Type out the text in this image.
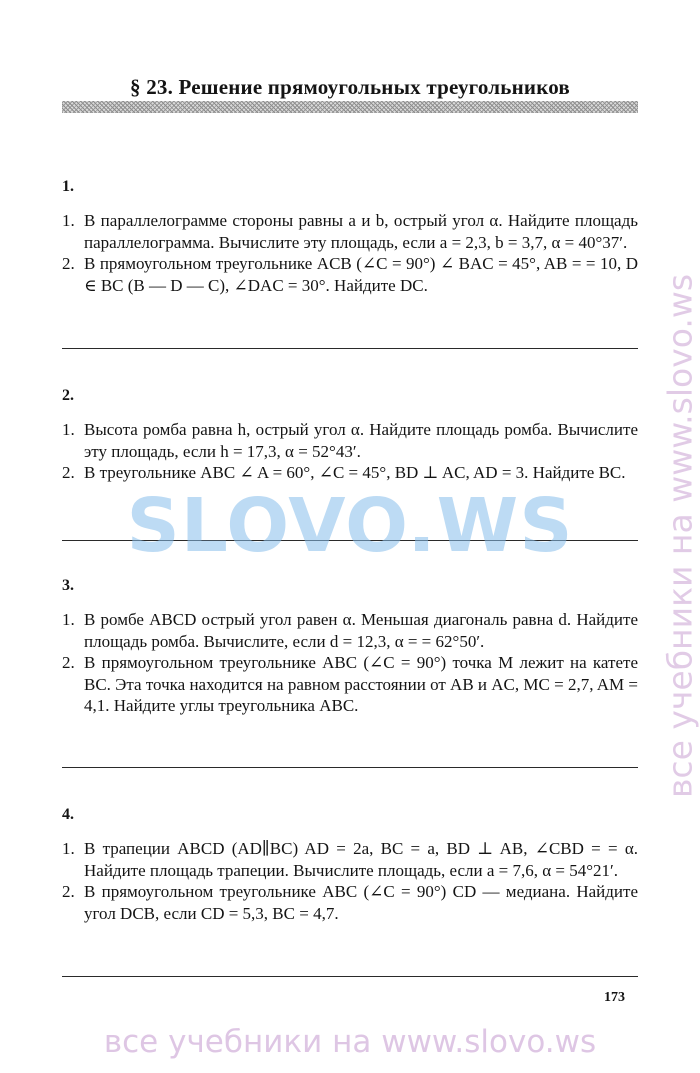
§ 23. Решение прямоугольных треугольников
1.
1. В параллелограмме стороны равны a и b, острый угол α. Найдите площадь параллелограмма. Вычислите эту площадь, если a = 2,3, b = 3,7, α = 40°37′.
2. В прямоугольном треугольнике ACB (∠C = 90°) ∠ BAC = 45°, AB = = 10, D ∈ BC (B — D — C), ∠DAC = 30°. Найдите DC.
2.
1. Высота ромба равна h, острый угол α. Найдите площадь ромба. Вычислите эту площадь, если h = 17,3, α = 52°43′.
2. В треугольнике ABC ∠ A = 60°, ∠C = 45°, BD ⊥ AC, AD = 3. Найдите BC.
3.
1. В ромбе ABCD острый угол равен α. Меньшая диагональ равна d. Найдите площадь ромба. Вычислите, если d = 12,3, α = = 62°50′.
2. В прямоугольном треугольнике ABC (∠C = 90°) точка M лежит на катете BC. Эта точка находится на равном расстоянии от AB и AC, MC = 2,7, AM = 4,1. Найдите углы треугольника ABC.
4.
1. В трапеции ABCD (AD∥BC) AD = 2a, BC = a, BD ⊥ AB, ∠CBD = = α. Найдите площадь трапеции. Вычислите площадь, если a = 7,6, α = 54°21′.
2. В прямоугольном треугольнике ABC (∠C = 90°) CD — медиана. Найдите угол DCB, если CD = 5,3, BC = 4,7.
173
SLOVO.WS	все учебники на www.slovo.ws
все учебники на www.slovo.ws
